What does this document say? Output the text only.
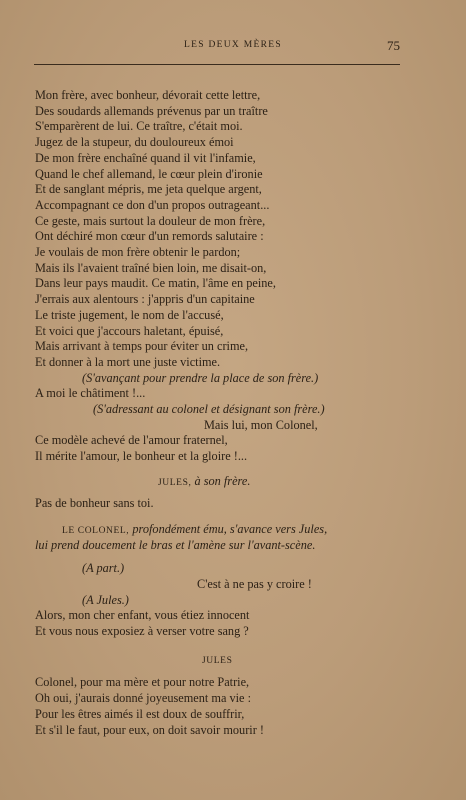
LES DEUX MÈRES	75
Mon frère, avec bonheur, dévorait cette lettre,
Des soudards allemands prévenus par un traître
S'emparèrent de lui. Ce traître, c'était moi.
Jugez de la stupeur, du douloureux émoi
De mon frère enchaîné quand il vit l'infamie,
Quand le chef allemand, le cœur plein d'ironie
Et de sanglant mépris, me jeta quelque argent,
Accompagnant ce don d'un propos outrageant...
Ce geste, mais surtout la douleur de mon frère,
Ont déchiré mon cœur d'un remords salutaire :
Je voulais de mon frère obtenir le pardon;
Mais ils l'avaient traîné bien loin, me disait-on,
Dans leur pays maudit. Ce matin, l'âme en peine,
J'errais aux alentours : j'appris d'un capitaine
Le triste jugement, le nom de l'accusé,
Et voici que j'accours haletant, épuisé,
Mais arrivant à temps pour éviter un crime,
Et donner à la mort une juste victime.
(S'avançant pour prendre la place de son frère.)
A moi le châtiment !...
(S'adressant au colonel et désignant son frère.)
Mais lui, mon Colonel,
Ce modèle achevé de l'amour fraternel,
Il mérite l'amour, le bonheur et la gloire !...
JULES, à son frère.
Pas de bonheur sans toi.
LE COLONEL, profondément ému, s'avance vers Jules,
lui prend doucement le bras et l'amène sur l'avant-scène.
(A part.)
C'est à ne pas y croire !
(A Jules.)
Alors, mon cher enfant, vous étiez innocent
Et vous nous exposiez à verser votre sang ?
JULES
Colonel, pour ma mère et pour notre Patrie,
Oh oui, j'aurais donné joyeusement ma vie :
Pour les êtres aimés il est doux de souffrir,
Et s'il le faut, pour eux, on doit savoir mourir !
